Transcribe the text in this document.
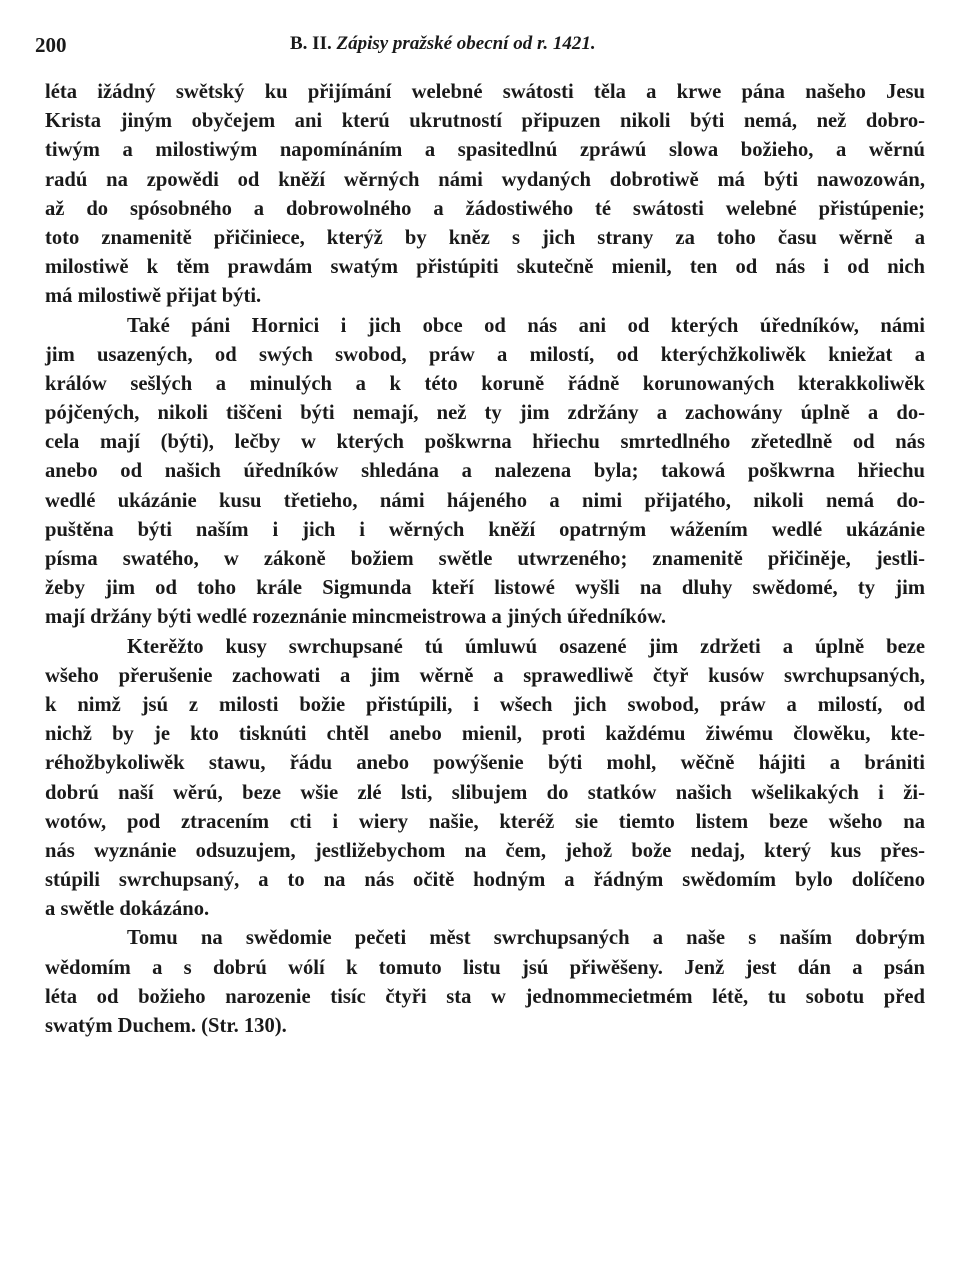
200	B. II. Zápisy pražské obecní od r. 1421.
léta ižádný swětský ku přijímání welebné swátosti těla a krwe pána našeho Jesu
Krista jiným obyčejem ani kterú ukrutností připuzen nikoli býti nemá, než dobro-
tiwým a milostiwým napomínáním a spasitedlnú zpráwú slowa božieho, a wěrnú
radú na zpowědi od kněží wěrných námi wydaných dobrotiwě má býti nawozowán,
až do spósobného a dobrowolného a žádostiwého té swátosti welebné přistúpenie;
toto znamenitě přičiniece, kterýž by kněz s jich strany za toho času wěrně a
milostiwě k těm prawdám swatým přistúpiti skutečně mienil, ten od nás i od nich
má milostiwě přijat býti.
Také páni Hornici i jich obce od nás ani od kterých úředníków, námi
jim usazených, od swých swobod, práw a milostí, od kterýchžkoliwěk kniežat a
králów sešlých a minulých a k této koruně řádně korunowaných kterakkoliwěk
pójčených, nikoli tiščeni býti nemají, než ty jim zdržány a zachowány úplně a do-
cela mají (býti), lečby w kterých poškwrna hřiechu smrtedlného zřetedlně od nás
anebo od našich úředníków shledána a nalezena byla; takowá poškwrna hřiechu
wedlé ukázánie kusu třetieho, námi hájeného a nimi přijatého, nikoli nemá do-
puštěna býti naším i jich i wěrných kněží opatrným wážením wedlé ukázánie
písma swatého, w zákoně božiem swětle utwrzeného; znamenitě přičiněje, jestli-
žeby jim od toho krále Sigmunda kteří listowé wyšli na dluhy swědomé, ty jim
mají držány býti wedlé rozeznánie mincmeistrowa a jiných úředníków.
Kterěžto kusy swrchupsané tú úmluwú osazené jim zdržeti a úplně beze
wšeho přerušenie zachowati a jim wěrně a sprawedliwě čtyř kusów swrchupsaných,
k nimž jsú z milosti božie přistúpili, i wšech jich swobod, práw a milostí, od
nichž by je kto tisknúti chtěl anebo mienil, proti každému žiwému člowěku, kte-
réhožbykoliwěk stawu, řádu anebo powýšenie býti mohl, wěčně hájiti a brániti
dobrú naší wěrú, beze wšie zlé lsti, slibujem do statków našich wšelikakých i ži-
wotów, pod ztracením cti i wiery našie, kteréž sie tiemto listem beze wšeho na
nás wyznánie odsuzujem, jestližebychom na čem, jehož bože nedaj, který kus přes-
stúpili swrchupsaný, a to na nás očitě hodným a řádným swědomím bylo dolíčeno
a swětle dokázáno.
Tomu na swědomie pečeti měst swrchupsaných a naše s naším dobrým
wědomím a s dobrú wólí k tomuto listu jsú přiwěšeny. Jenž jest dán a psán
léta od božieho narozenie tisíc čtyři sta w jednommecietmém létě, tu sobotu před
swatým Duchem. (Str. 130).
